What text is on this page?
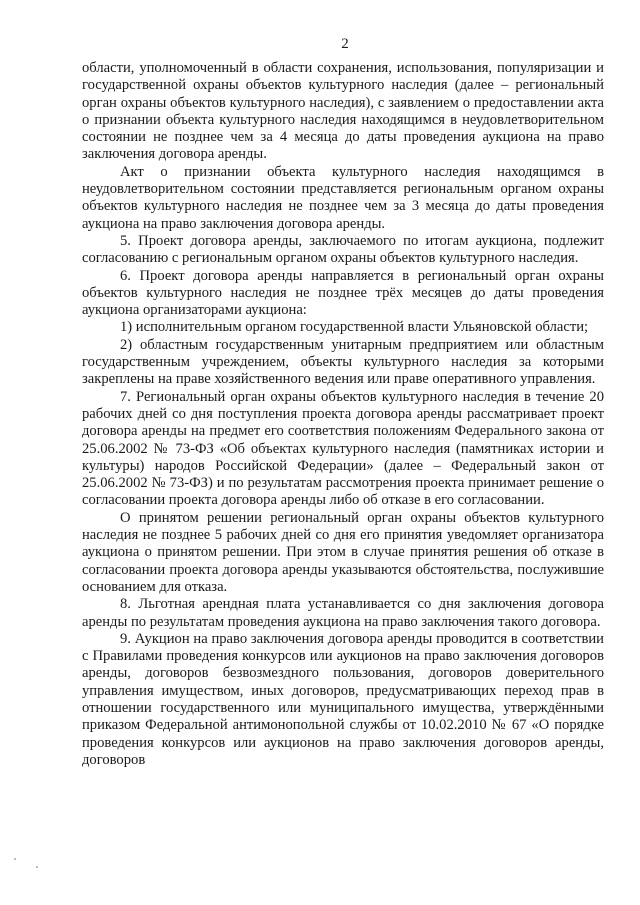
2

области, уполномоченный в области сохранения, использования, популяризации и государственной охраны объектов культурного наследия (далее – региональный орган охраны объектов культурного наследия), с заявлением о предоставлении акта о признании объекта культурного наследия находящимся в неудовлетворительном состоянии не позднее чем за 4 месяца до даты проведения аукциона на право заключения договора аренды.

Акт о признании объекта культурного наследия находящимся в неудовлетворительном состоянии представляется региональным органом охраны объектов культурного наследия не позднее чем за 3 месяца до даты проведения аукциона на право заключения договора аренды.

5. Проект договора аренды, заключаемого по итогам аукциона, подлежит согласованию с региональным органом охраны объектов культурного наследия.

6. Проект договора аренды направляется в региональный орган охраны объектов культурного наследия не позднее трёх месяцев до даты проведения аукциона организаторами аукциона:

1) исполнительным органом государственной власти Ульяновской области;

2) областным государственным унитарным предприятием или областным государственным учреждением, объекты культурного наследия за которыми закреплены на праве хозяйственного ведения или праве оперативного управления.

7. Региональный орган охраны объектов культурного наследия в течение 20 рабочих дней со дня поступления проекта договора аренды рассматривает проект договора аренды на предмет его соответствия положениям Федерального закона от 25.06.2002 № 73-ФЗ «Об объектах культурного наследия (памятниках истории и культуры) народов Российской Федерации» (далее – Федеральный закон от 25.06.2002 № 73-ФЗ) и по результатам рассмотрения проекта принимает решение о согласовании проекта договора аренды либо об отказе в его согласовании.

О принятом решении региональный орган охраны объектов культурного наследия не позднее 5 рабочих дней со дня его принятия уведомляет организатора аукциона о принятом решении. При этом в случае принятия решения об отказе в согласовании проекта договора аренды указываются обстоятельства, послужившие основанием для отказа.

8. Льготная арендная плата устанавливается со дня заключения договора аренды по результатам проведения аукциона на право заключения такого договора.

9. Аукцион на право заключения договора аренды проводится в соответствии с Правилами проведения конкурсов или аукционов на право заключения договоров аренды, договоров безвозмездного пользования, договоров доверительного управления имуществом, иных договоров, предусматривающих переход прав в отношении государственного или муниципального имущества, утверждёнными приказом Федеральной антимонопольной службы от 10.02.2010 № 67 «О порядке проведения конкурсов или аукционов на право заключения договоров аренды, договоров
